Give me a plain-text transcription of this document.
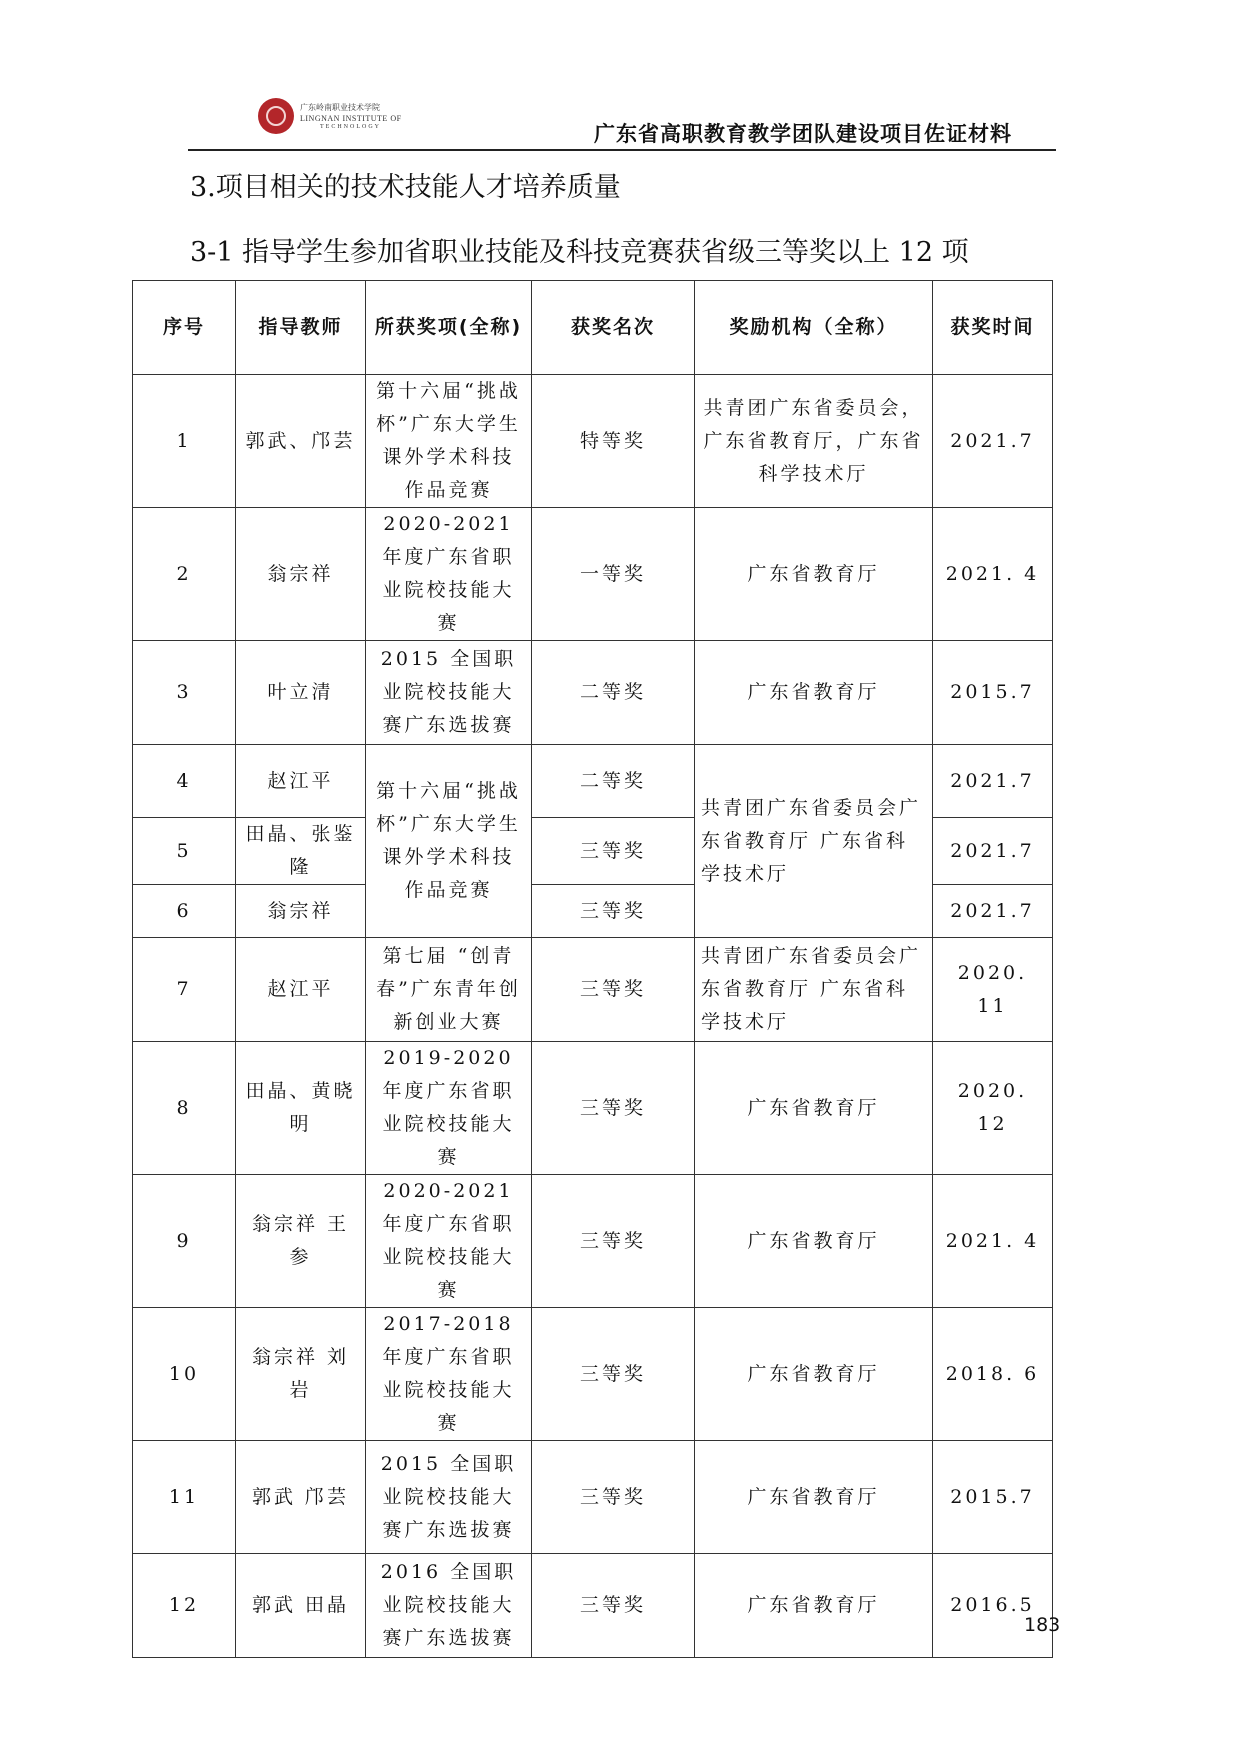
广东岭南职业技术学院
LINGNAN INSTITUTE OF
TECHNOLOGY	广东省高职教育教学团队建设项目佐证材料
3.项目相关的技术技能人才培养质量
3-1 指导学生参加省职业技能及科技竞赛获省级三等奖以上 12 项
序号	指导教师	所获奖项(全称)	获奖名次	奖励机构（全称）	获奖时间
1	郭武、邝芸	第十六届“挑战杯”广东大学生课外学术科技作品竞赛	特等奖	共青团广东省委员会，广东省教育厅，广东省科学技术厅	2021.7
2	翁宗祥	2020-2021 年度广东省职业院校技能大赛	一等奖	广东省教育厅	2021. 4
3	叶立清	2015 全国职业院校技能大赛广东选拔赛	二等奖	广东省教育厅	2015.7
4	赵江平	第十六届“挑战杯”广东大学生课外学术科技作品竞赛	二等奖	共青团广东省委员会广东省教育厅 广东省科学技术厅	2021.7
5	田晶、张鉴隆		三等奖		2021.7
6	翁宗祥		三等奖		2021.7
7	赵江平	第七届 “创青春”广东青年创新创业大赛	三等奖	共青团广东省委员会广东省教育厅 广东省科学技术厅	2020. 11
8	田晶、黄晓明	2019-2020 年度广东省职业院校技能大赛	三等奖	广东省教育厅	2020. 12
9	翁宗祥 王参	2020-2021 年度广东省职业院校技能大赛	三等奖	广东省教育厅	2021. 4
10	翁宗祥 刘岩	2017-2018 年度广东省职业院校技能大赛	三等奖	广东省教育厅	2018. 6
11	郭武 邝芸	2015 全国职业院校技能大赛广东选拔赛	三等奖	广东省教育厅	2015.7
12	郭武 田晶	2016 全国职业院校技能大赛广东选拔赛	三等奖	广东省教育厅	2016.5
183
